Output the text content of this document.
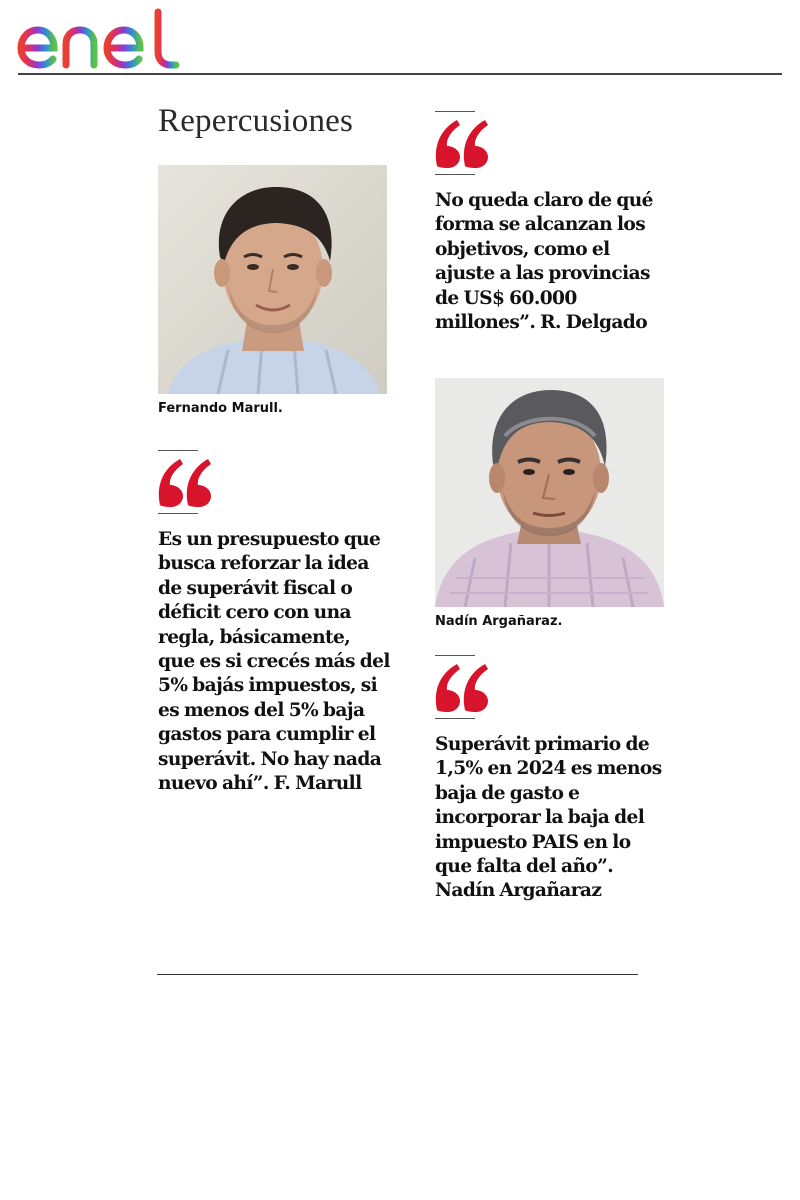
Repercusiones
Fernando Marull.
Nadín Argañaraz.
No queda claro de qué
forma se alcanzan los
objetivos, como el
ajuste a las provincias
de US$ 60.000
millones”. R. Delgado
Es un presupuesto que
busca reforzar la idea
de superávit fiscal o
déficit cero con una
regla, básicamente,
que es si crecés más del
5% bajás impuestos, si
es menos del 5% baja
gastos para cumplir el
superávit. No hay nada
nuevo ahí”. F. Marull
Superávit primario de
1,5% en 2024 es menos
baja de gasto e
incorporar la baja del
impuesto PAIS en lo
que falta del año”.
Nadín Argañaraz
